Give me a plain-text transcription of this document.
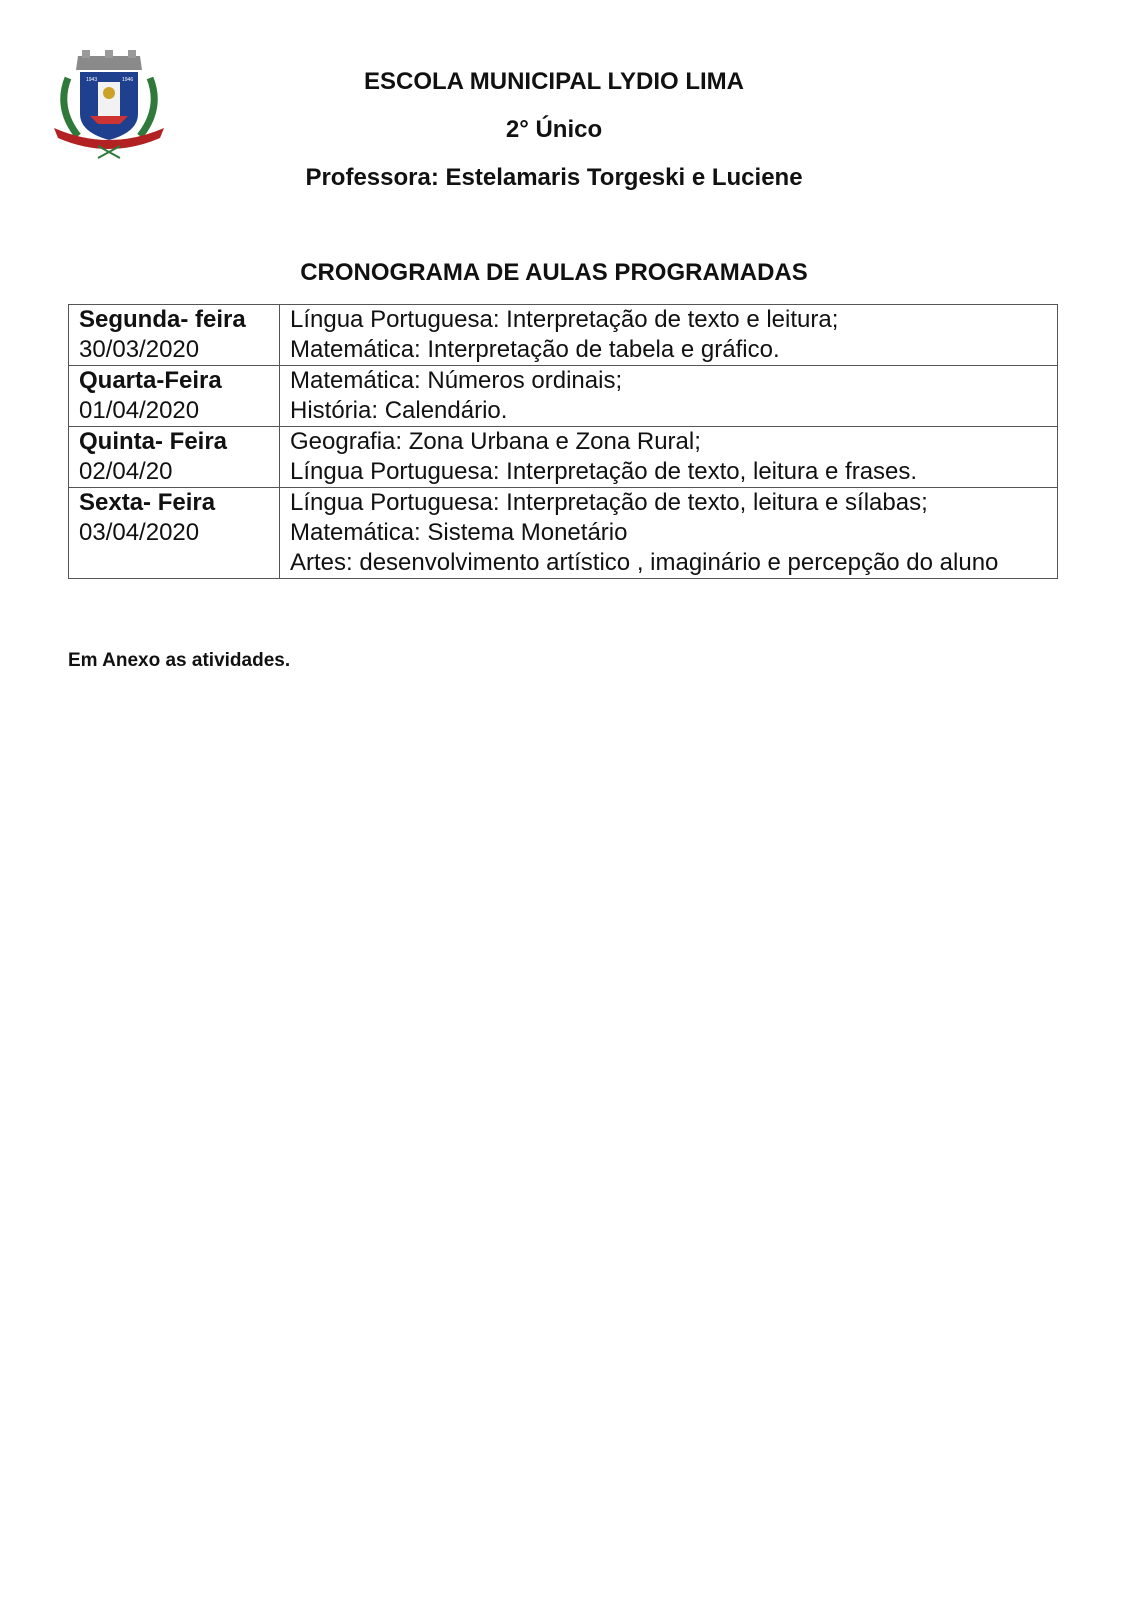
1943	1946	ESCOLA MUNICIPAL LYDIO LIMA
2° Único
Professora: Estelamaris Torgeski e Luciene
CRONOGRAMA DE AULAS PROGRAMADAS
Segunda- feira
30/03/2020	Língua Portuguesa: Interpretação de texto e leitura;
Matemática: Interpretação de tabela e gráfico.

Quarta-Feira
01/04/2020	Matemática: Números ordinais;
História: Calendário.

Quinta- Feira
02/04/20	Geografia: Zona Urbana e Zona Rural;
Língua Portuguesa: Interpretação de texto, leitura e frases.

Sexta- Feira
03/04/2020	Língua Portuguesa: Interpretação de texto, leitura e sílabas;
Matemática: Sistema Monetário
Artes: desenvolvimento artístico , imaginário e percepção do aluno
Em Anexo as atividades.
